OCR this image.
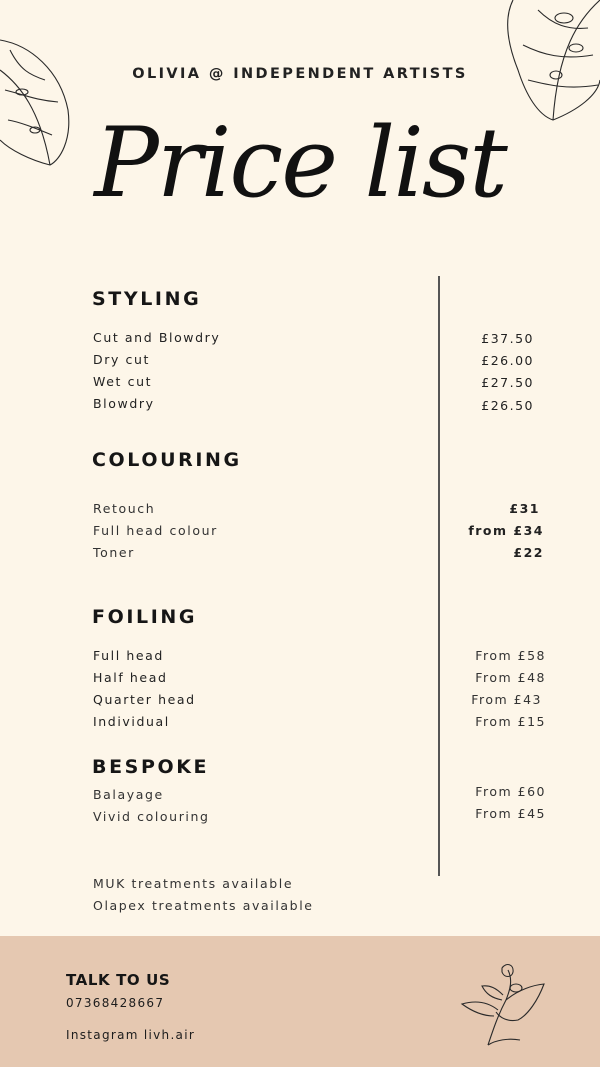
OLIVIA @ INDEPENDENT ARTISTS
Price list
STYLING
Cut and Blowdry	£37.50
Dry cut	£26.00
Wet cut	£27.50
Blowdry	£26.50
COLOURING
Retouch	£31
Full head colour	from £34
Toner	£22
FOILING
Full head	From £58
Half head	From £48
Quarter head	From £43
Individual	From £15
BESPOKE
Balayage	From £60
Vivid colouring	From £45
MUK treatments available
Olapex treatments available
TALK TO US
07368428667
Instagram livh.air
